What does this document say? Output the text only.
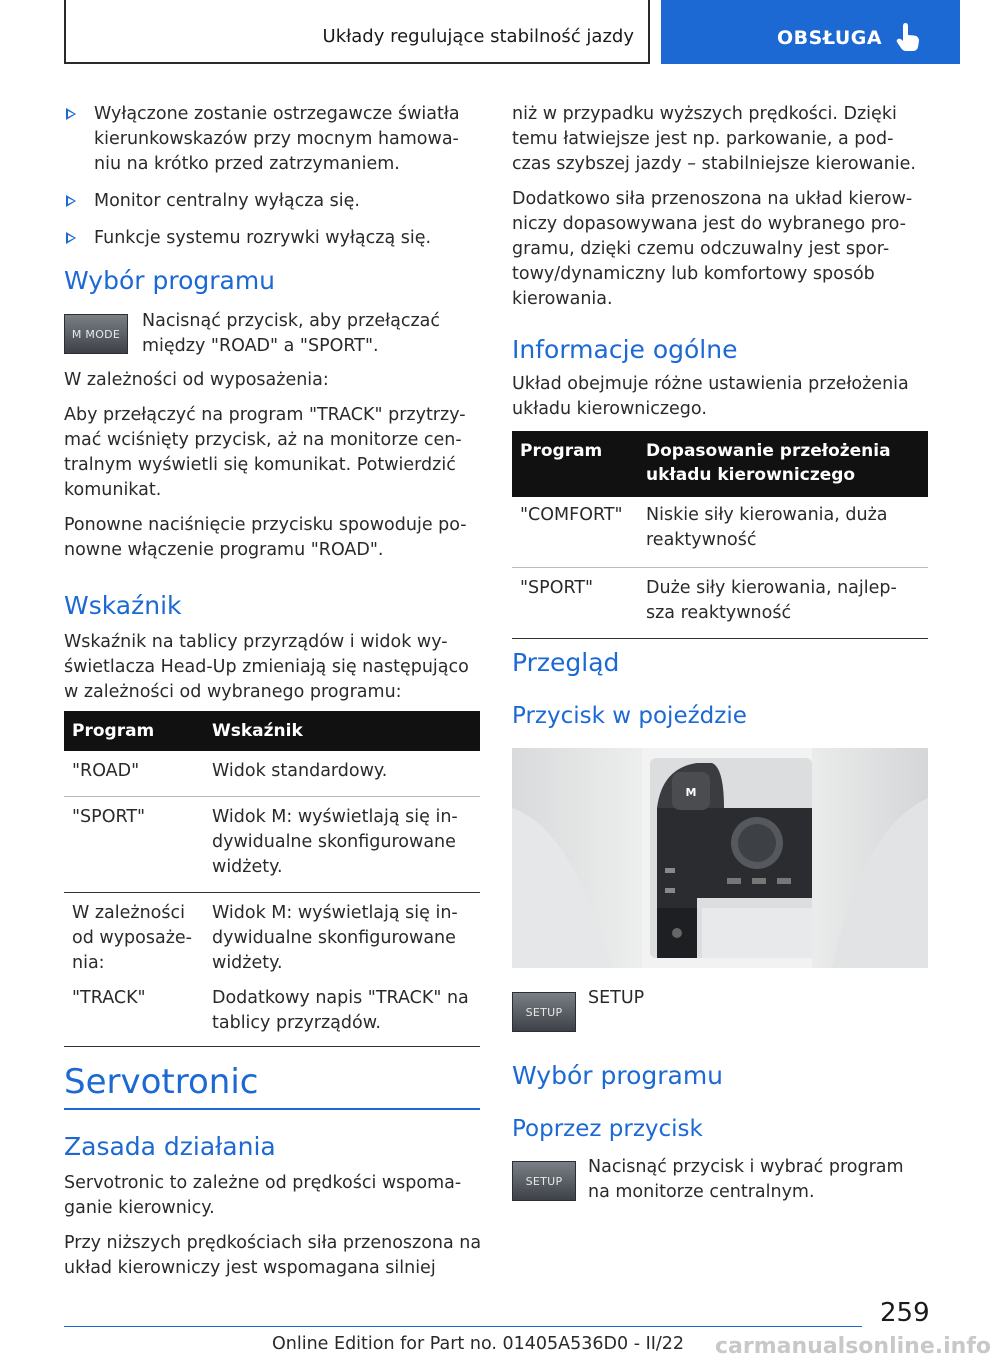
Układy regulujące stabilność jazdy	OBSŁUGA
Wyłączone zostanie ostrzegawcze światła kierunkowskazów przy mocnym hamowa-niu na krótko przed zatrzymaniem.
Monitor centralny wyłącza się.
Funkcje systemu rozrywki wyłączą się.
Wybór programu
M MODE
Nacisnąć przycisk, aby przełączać między "ROAD" a "SPORT".

W zależności od wyposażenia:

Aby przełączyć na program "TRACK" przytrzy-mać wciśnięty przycisk, aż na monitorze cen-tralnym wyświetli się komunikat. Potwierdzić komunikat.

Ponowne naciśnięcie przycisku spowoduje po-nowne włączenie programu "ROAD".

Wskaźnik
Wskaźnik na tablicy przyrządów i widok wy-świetlacza Head-Up zmieniają się następująco w zależności od wybranego programu:
Program	Wskaźnik
"ROAD"	Widok standardowy.
"SPORT"	Widok M: wyświetlają się in-dywidualne skonfigurowane widżety.
W zależności od wyposaże-nia:	Widok M: wyświetlają się in-dywidualne skonfigurowane widżety.
"TRACK"	Dodatkowy napis "TRACK" na tablicy przyrządów.
Servotronic
Zasada działania

Servotronic to zależne od prędkości wspoma-ganie kierownicy.

Przy niższych prędkościach siła przenoszona na układ kierowniczy jest wspomagana silniej

niż w przypadku wyższych prędkości. Dzięki temu łatwiejsze jest np. parkowanie, a pod-czas szybszej jazdy – stabilniejsze kierowanie.

Dodatkowo siła przenoszona na układ kierow-niczy dopasowywana jest do wybranego pro-gramu, dzięki czemu odczuwalny jest spor-towy/dynamiczny lub komfortowy sposób kierowania.

Informacje ogólne
Układ obejmuje różne ustawienia przełożenia układu kierowniczego.
Program	Dopasowanie przełożenia układu kierowniczego
"COMFORT"	Niskie siły kierowania, duża reaktywność
"SPORT"	Duże siły kierowania, najlep-sza reaktywność
Przegląd
Przycisk w pojeździe
M
SETUP
SETUP
Wybór programu
Poprzez przycisk
SETUP
Nacisnąć przycisk i wybrać program na monitorze centralnym.
259
Online Edition for Part no. 01405A536D0 - II/22 carmanualsonline.info
